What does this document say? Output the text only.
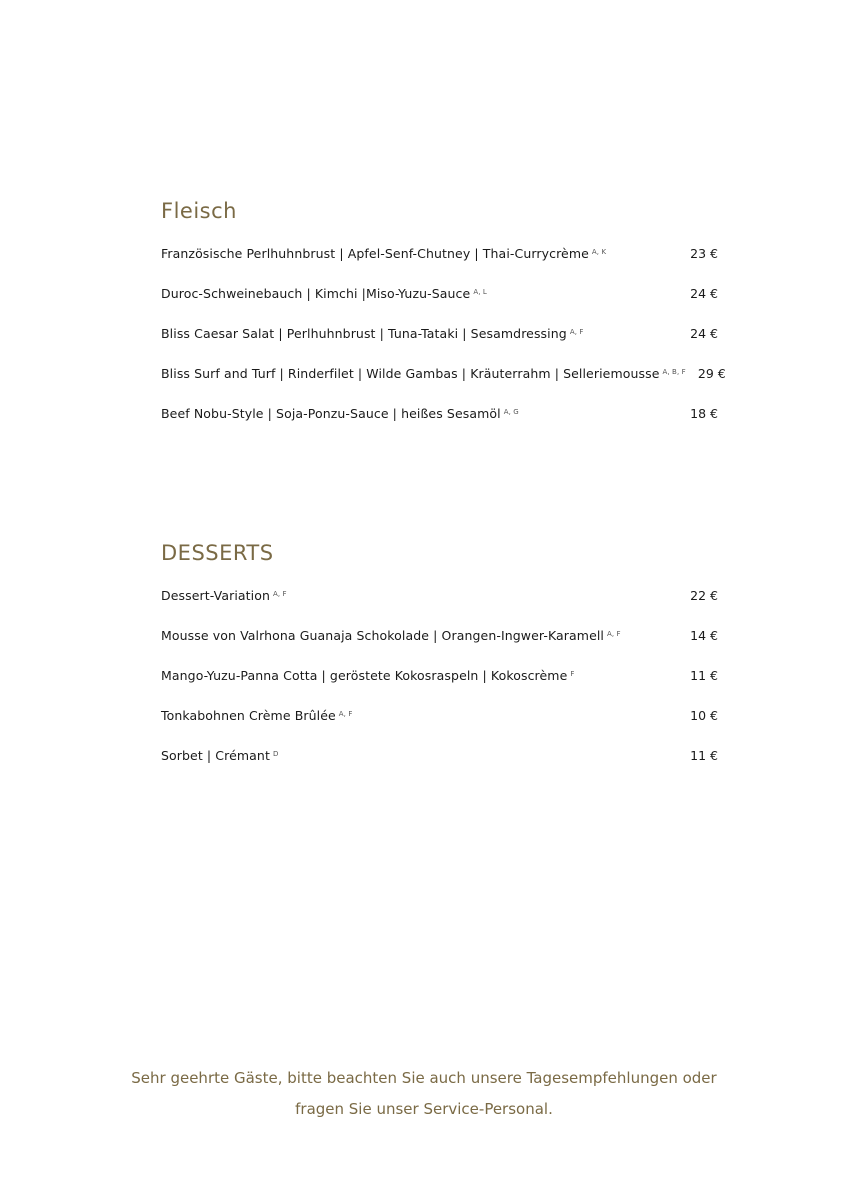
Fleisch
Französische Perlhuhnbrust | Apfel-Senf-Chutney | Thai-Currycrème $^{A, K}$	23 €
Duroc-Schweinebauch | Kimchi |Miso-Yuzu-Sauce $^{A, L}$	24 €
Bliss Caesar Salat | Perlhuhnbrust | Tuna-Tataki | Sesamdressing $^{A, F}$	24 €
Bliss Surf and Turf | Rinderfilet | Wilde Gambas | Kräuterrahm | Selleriemousse $^{A, B, F}$ 29 €
Beef Nobu-Style | Soja-Ponzu-Sauce | heißes Sesamöl $^{A, G}$	18 €
DESSERTS
Dessert-Variation $^{A, F}$	22 €
Mousse von Valrhona Guanaja Schokolade | Orangen-Ingwer-Karamell $^{A, F}$	14 €
Mango-Yuzu-Panna Cotta | geröstete Kokosraspeln | Kokoscrème $^F$	11 €
Tonkabohnen Crème Brûlée $^{A, F}$	10 €
Sorbet | Crémant $^D$	11 €
Sehr geehrte Gäste, bitte beachten Sie auch unsere Tagesempfehlungen oder
fragen Sie unser Service-Personal.
